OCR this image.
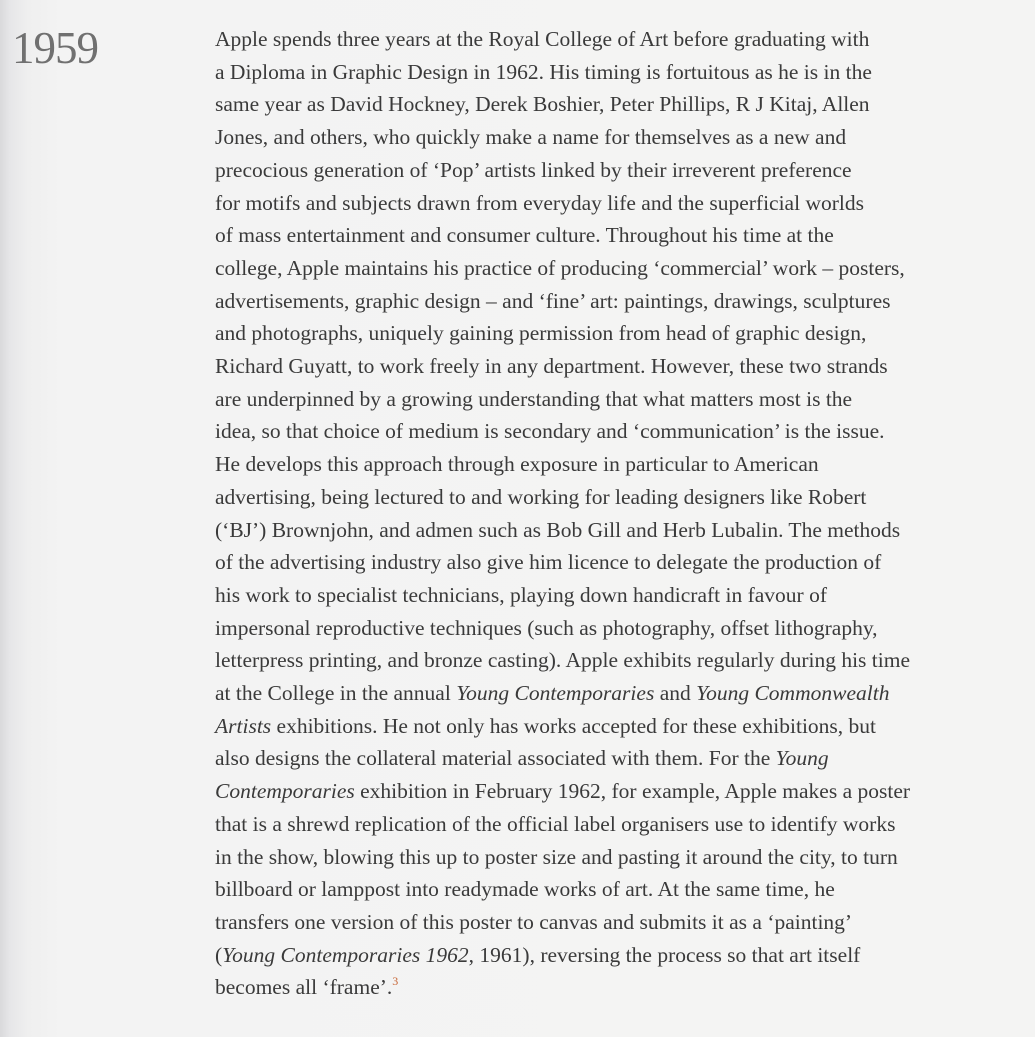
1959	Apple spends three years at the Royal College of Art before graduating with
a Diploma in Graphic Design in 1962. His timing is fortuitous as he is in the
same year as David Hockney, Derek Boshier, Peter Phillips, R J Kitaj, Allen
Jones, and others, who quickly make a name for themselves as a new and
precocious generation of ‘Pop’ artists linked by their irreverent preference
for motifs and subjects drawn from everyday life and the superficial worlds
of mass entertainment and consumer culture. Throughout his time at the
college, Apple maintains his practice of producing ‘commercial’ work – posters,
advertisements, graphic design – and ‘fine’ art: paintings, drawings, sculptures
and photographs, uniquely gaining permission from head of graphic design,
Richard Guyatt, to work freely in any department. However, these two strands
are underpinned by a growing understanding that what matters most is the
idea, so that choice of medium is secondary and ‘communication’ is the issue.
He develops this approach through exposure in particular to American
advertising, being lectured to and working for leading designers like Robert
(‘BJ’) Brownjohn, and admen such as Bob Gill and Herb Lubalin. The methods
of the advertising industry also give him licence to delegate the production of
his work to specialist technicians, playing down handicraft in favour of
impersonal reproductive techniques (such as photography, offset lithography,
letterpress printing, and bronze casting). Apple exhibits regularly during his time
at the College in the annual Young Contemporaries and Young Commonwealth
Artists exhibitions. He not only has works accepted for these exhibitions, but
also designs the collateral material associated with them. For the Young
Contemporaries exhibition in February 1962, for example, Apple makes a poster
that is a shrewd replication of the official label organisers use to identify works
in the show, blowing this up to poster size and pasting it around the city, to turn
billboard or lamppost into readymade works of art. At the same time, he
transfers one version of this poster to canvas and submits it as a ‘painting’
(Young Contemporaries 1962, 1961), reversing the process so that art itself
becomes all ‘frame’.$^3$
